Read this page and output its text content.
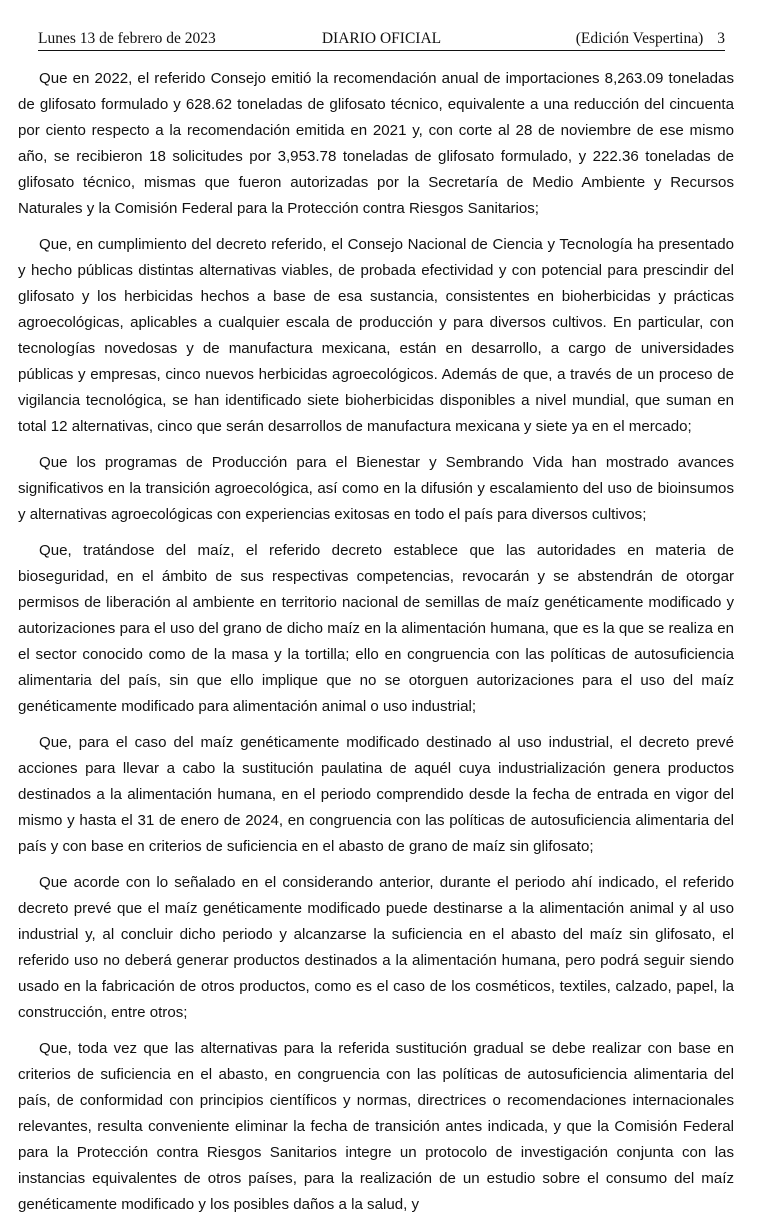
Lunes 13 de febrero de 2023	DIARIO OFICIAL	(Edición Vespertina) 3

Que en 2022, el referido Consejo emitió la recomendación anual de importaciones 8,263.09 toneladas de glifosato formulado y 628.62 toneladas de glifosato técnico, equivalente a una reducción del cincuenta por ciento respecto a la recomendación emitida en 2021 y, con corte al 28 de noviembre de ese mismo año, se recibieron 18 solicitudes por 3,953.78 toneladas de glifosato formulado, y 222.36 toneladas de glifosato técnico, mismas que fueron autorizadas por la Secretaría de Medio Ambiente y Recursos Naturales y la Comisión Federal para la Protección contra Riesgos Sanitarios;

Que, en cumplimiento del decreto referido, el Consejo Nacional de Ciencia y Tecnología ha presentado y hecho públicas distintas alternativas viables, de probada efectividad y con potencial para prescindir del glifosato y los herbicidas hechos a base de esa sustancia, consistentes en bioherbicidas y prácticas agroecológicas, aplicables a cualquier escala de producción y para diversos cultivos. En particular, con tecnologías novedosas y de manufactura mexicana, están en desarrollo, a cargo de universidades públicas y empresas, cinco nuevos herbicidas agroecológicos. Además de que, a través de un proceso de vigilancia tecnológica, se han identificado siete bioherbicidas disponibles a nivel mundial, que suman en total 12 alternativas, cinco que serán desarrollos de manufactura mexicana y siete ya en el mercado;

Que los programas de Producción para el Bienestar y Sembrando Vida han mostrado avances significativos en la transición agroecológica, así como en la difusión y escalamiento del uso de bioinsumos y alternativas agroecológicas con experiencias exitosas en todo el país para diversos cultivos;

Que, tratándose del maíz, el referido decreto establece que las autoridades en materia de bioseguridad, en el ámbito de sus respectivas competencias, revocarán y se abstendrán de otorgar permisos de liberación al ambiente en territorio nacional de semillas de maíz genéticamente modificado y autorizaciones para el uso del grano de dicho maíz en la alimentación humana, que es la que se realiza en el sector conocido como de la masa y la tortilla; ello en congruencia con las políticas de autosuficiencia alimentaria del país, sin que ello implique que no se otorguen autorizaciones para el uso del maíz genéticamente modificado para alimentación animal o uso industrial;

Que, para el caso del maíz genéticamente modificado destinado al uso industrial, el decreto prevé acciones para llevar a cabo la sustitución paulatina de aquél cuya industrialización genera productos destinados a la alimentación humana, en el periodo comprendido desde la fecha de entrada en vigor del mismo y hasta el 31 de enero de 2024, en congruencia con las políticas de autosuficiencia alimentaria del país y con base en criterios de suficiencia en el abasto de grano de maíz sin glifosato;

Que acorde con lo señalado en el considerando anterior, durante el periodo ahí indicado, el referido decreto prevé que el maíz genéticamente modificado puede destinarse a la alimentación animal y al uso industrial y, al concluir dicho periodo y alcanzarse la suficiencia en el abasto del maíz sin glifosato, el referido uso no deberá generar productos destinados a la alimentación humana, pero podrá seguir siendo usado en la fabricación de otros productos, como es el caso de los cosméticos, textiles, calzado, papel, la construcción, entre otros;

Que, toda vez que las alternativas para la referida sustitución gradual se debe realizar con base en criterios de suficiencia en el abasto, en congruencia con las políticas de autosuficiencia alimentaria del país, de conformidad con principios científicos y normas, directrices o recomendaciones internacionales relevantes, resulta conveniente eliminar la fecha de transición antes indicada, y que la Comisión Federal para la Protección contra Riesgos Sanitarios integre un protocolo de investigación conjunta con las instancias equivalentes de otros países, para la realización de un estudio sobre el consumo del maíz genéticamente modificado y los posibles daños a la salud, y
